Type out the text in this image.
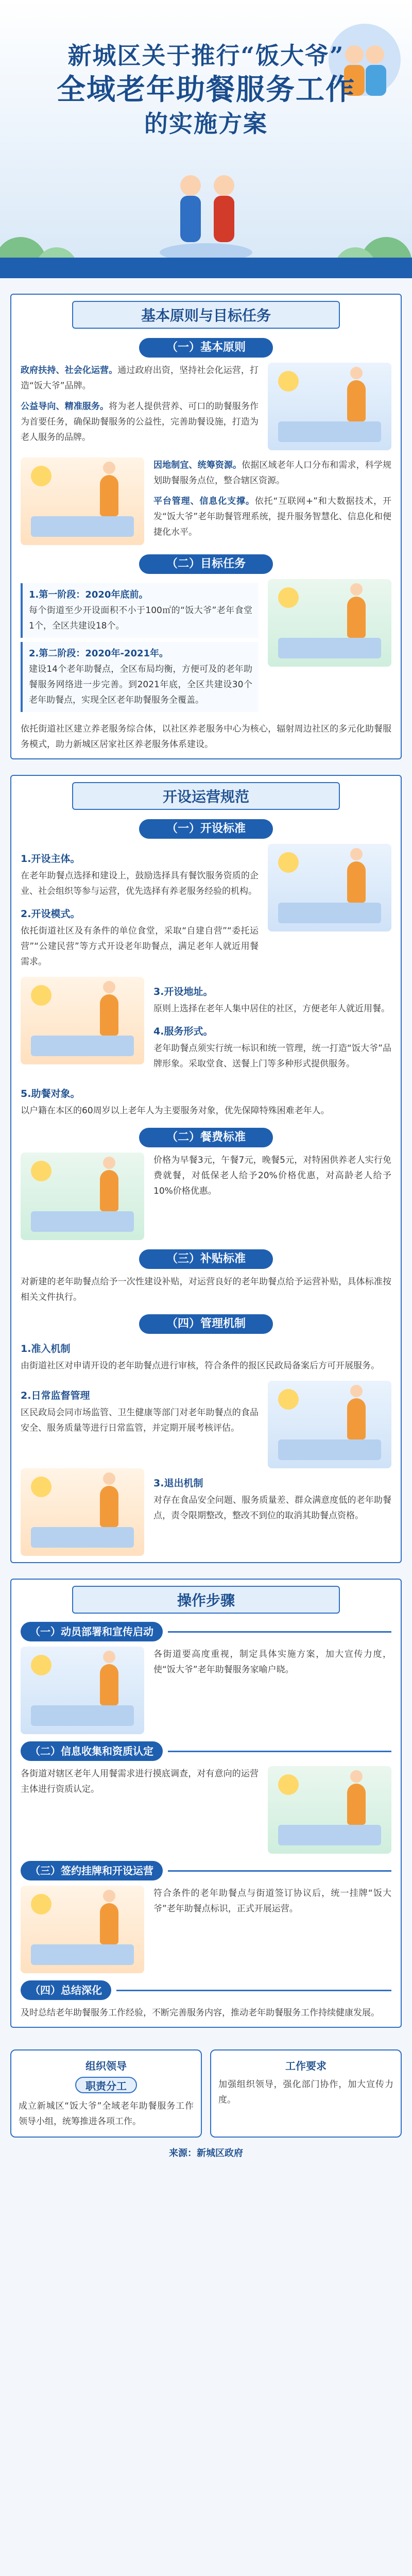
新城区关于推行“饭大爷”
全域老年助餐服务工作
的实施方案
基本原则与目标任务
（一）基本原则

政府扶持、社会化运营。通过政府出资，坚持社会化运营，打造“饭大爷”品牌。

公益导向、精准服务。将为老人提供营养、可口的助餐服务作为首要任务，确保助餐服务的公益性，完善助餐设施，打造为老人服务的品牌。

因地制宜、统筹资源。依据区域老年人口分布和需求，科学规划助餐服务点位，整合辖区资源。

平台管理、信息化支撑。依托“互联网+”和大数据技术，开发“饭大爷”老年助餐管理系统，提升服务智慧化、信息化和便捷化水平。

（二）目标任务
1.第一阶段：2020年底前。

每个街道至少开设面积不小于100㎡的“饭大爷”老年食堂1个，全区共建设18个。

2.第二阶段：2020年-2021年。

建设14个老年助餐点，全区布局均衡，方便可及的老年助餐服务网络进一步完善。到2021年底，全区共建设30个老年助餐点，实现全区老年助餐服务全覆盖。

依托街道社区建立养老服务综合体，以社区养老服务中心为核心，辐射周边社区的多元化助餐服务模式，助力新城区居家社区养老服务体系建设。

开设运营规范
（一）开设标准
1.开设主体。

在老年助餐点选择和建设上，鼓励选择具有餐饮服务资质的企业、社会组织等参与运营，优先选择有养老服务经验的机构。

2.开设模式。

依托街道社区及有条件的单位食堂，采取“自建自营”“委托运营”“公建民营”等方式开设老年助餐点，满足老年人就近用餐需求。

3.开设地址。

原则上选择在老年人集中居住的社区，方便老年人就近用餐。

4.服务形式。

老年助餐点须实行统一标识和统一管理，统一打造“饭大爷”品牌形象。采取堂食、送餐上门等多种形式提供服务。

5.助餐对象。

以户籍在本区的60周岁以上老年人为主要服务对象，优先保障特殊困难老年人。

（二）餐费标准

价格为早餐3元，午餐7元，晚餐5元，对特困供养老人实行免费就餐，对低保老人给予20%价格优惠，对高龄老人给予10%价格优惠。

（三）补贴标准

对新建的老年助餐点给予一次性建设补贴，对运营良好的老年助餐点给予运营补贴，具体标准按相关文件执行。

（四）管理机制
1.准入机制

由街道社区对申请开设的老年助餐点进行审核，符合条件的报区民政局备案后方可开展服务。

2.日常监督管理

区民政局会同市场监管、卫生健康等部门对老年助餐点的食品安全、服务质量等进行日常监管，并定期开展考核评估。

3.退出机制

对存在食品安全问题、服务质量差、群众满意度低的老年助餐点，责令限期整改，整改不到位的取消其助餐点资格。

操作步骤
（一）动员部署和宣传启动

各街道要高度重视，制定具体实施方案，加大宣传力度，使“饭大爷”老年助餐服务家喻户晓。

（二）信息收集和资质认定

各街道对辖区老年人用餐需求进行摸底调查，对有意向的运营主体进行资质认定。

（三）签约挂牌和开设运营

符合条件的老年助餐点与街道签订协议后，统一挂牌“饭大爷”老年助餐点标识，正式开展运营。

（四）总结深化

及时总结老年助餐服务工作经验，不断完善服务内容，推动老年助餐服务工作持续健康发展。

组织领导
职责分工

成立新城区“饭大爷”全域老年助餐服务工作领导小组，统筹推进各项工作。

工作要求

加强组织领导，强化部门协作，加大宣传力度。

来源：新城区政府
